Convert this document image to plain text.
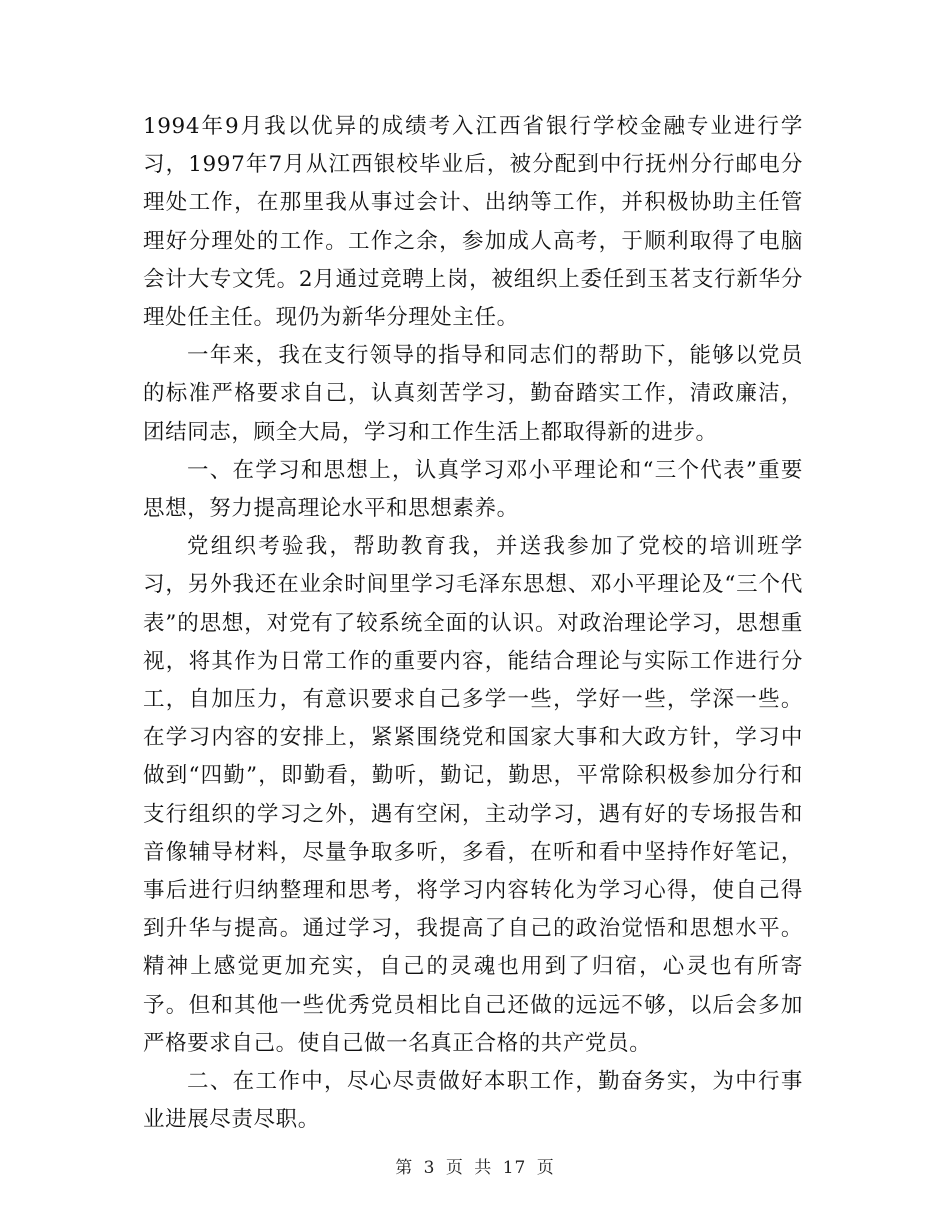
1994年9月我以优异的成绩考入江西省银行学校金融专业进行学习，1997年7月从江西银校毕业后，被分配到中行抚州分行邮电分理处工作，在那里我从事过会计、出纳等工作，并积极协助主任管理好分理处的工作。工作之余，参加成人高考，于顺利取得了电脑会计大专文凭。2月通过竞聘上岗，被组织上委任到玉茗支行新华分理处任主任。现仍为新华分理处主任。

一年来，我在支行领导的指导和同志们的帮助下，能够以党员的标准严格要求自己，认真刻苦学习，勤奋踏实工作，清政廉洁，团结同志，顾全大局，学习和工作生活上都取得新的进步。

一、在学习和思想上，认真学习邓小平理论和“三个代表”重要思想，努力提高理论水平和思想素养。

党组织考验我，帮助教育我，并送我参加了党校的培训班学习，另外我还在业余时间里学习毛泽东思想、邓小平理论及“三个代表”的思想，对党有了较系统全面的认识。对政治理论学习，思想重视，将其作为日常工作的重要内容，能结合理论与实际工作进行分工，自加压力，有意识要求自己多学一些，学好一些，学深一些。在学习内容的安排上，紧紧围绕党和国家大事和大政方针，学习中做到“四勤”，即勤看，勤听，勤记，勤思，平常除积极参加分行和支行组织的学习之外，遇有空闲，主动学习，遇有好的专场报告和音像辅导材料，尽量争取多听，多看，在听和看中坚持作好笔记，事后进行归纳整理和思考，将学习内容转化为学习心得，使自己得到升华与提高。通过学习，我提高了自己的政治觉悟和思想水平。精神上感觉更加充实，自己的灵魂也用到了归宿，心灵也有所寄予。但和其他一些优秀党员相比自己还做的远远不够，以后会多加严格要求自己。使自己做一名真正合格的共产党员。

二、在工作中，尽心尽责做好本职工作，勤奋务实，为中行事业进展尽责尽职。

第 3 页 共 17 页
